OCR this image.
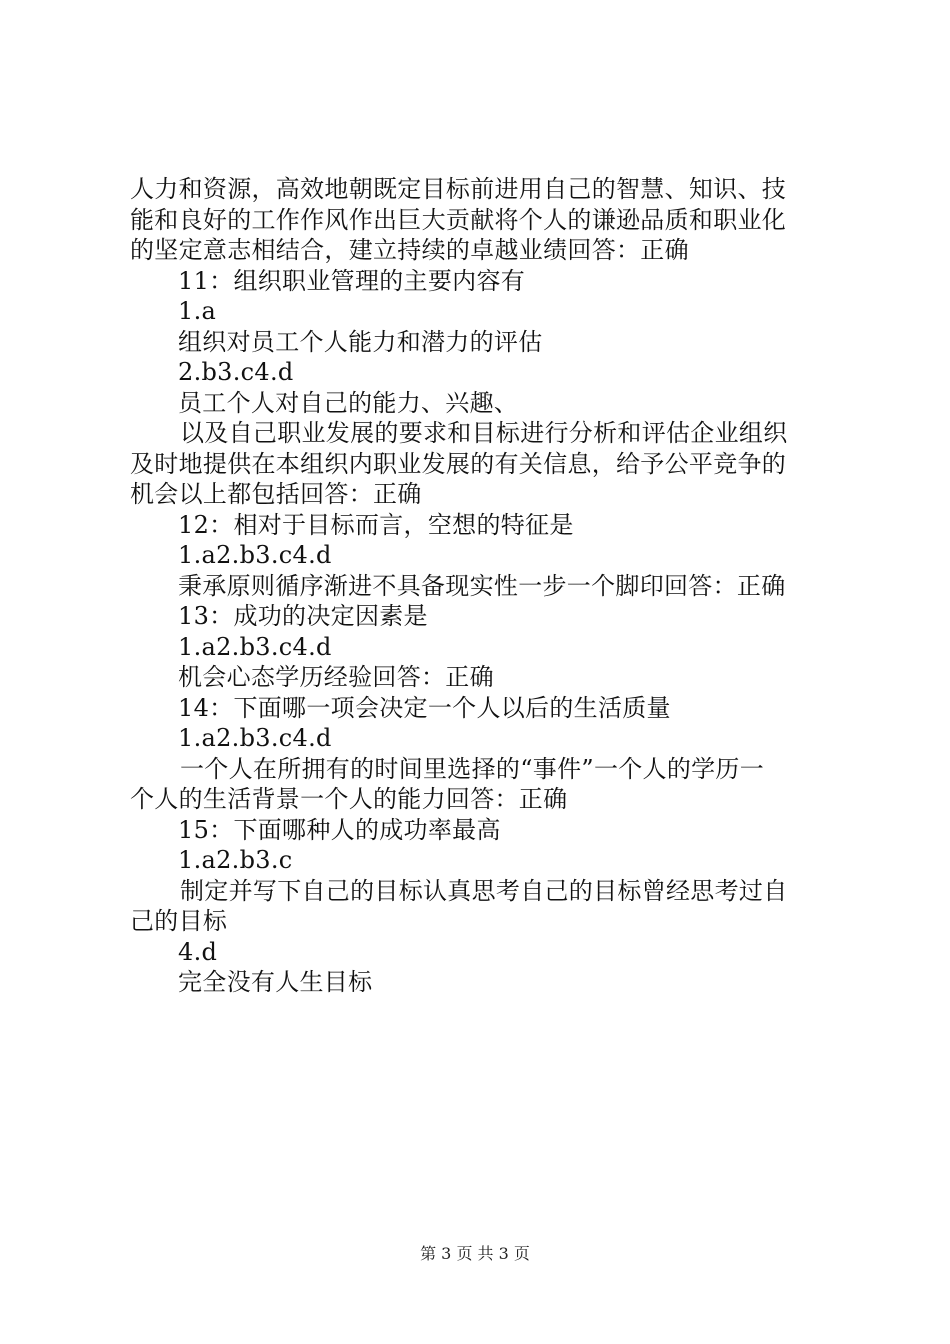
人力和资源，高效地朝既定目标前进用自己的智慧、知识、技
能和良好的工作作风作出巨大贡献将个人的谦逊品质和职业化
的坚定意志相结合，建立持续的卓越业绩回答：正确
11：组织职业管理的主要内容有
1.a
组织对员工个人能力和潜力的评估
2.b3.c4.d
员工个人对自己的能力、兴趣、
以及自己职业发展的要求和目标进行分析和评估企业组织
及时地提供在本组织内职业发展的有关信息，给予公平竞争的
机会以上都包括回答：正确
12：相对于目标而言，空想的特征是
1.a2.b3.c4.d
秉承原则循序渐进不具备现实性一步一个脚印回答：正确
13：成功的决定因素是
1.a2.b3.c4.d
机会心态学历经验回答：正确
14：下面哪一项会决定一个人以后的生活质量
1.a2.b3.c4.d
一个人在所拥有的时间里选择的“事件”一个人的学历一
个人的生活背景一个人的能力回答：正确
15：下面哪种人的成功率最高
1.a2.b3.c
制定并写下自己的目标认真思考自己的目标曾经思考过自
己的目标
4.d
完全没有人生目标
第 3 页 共 3 页
